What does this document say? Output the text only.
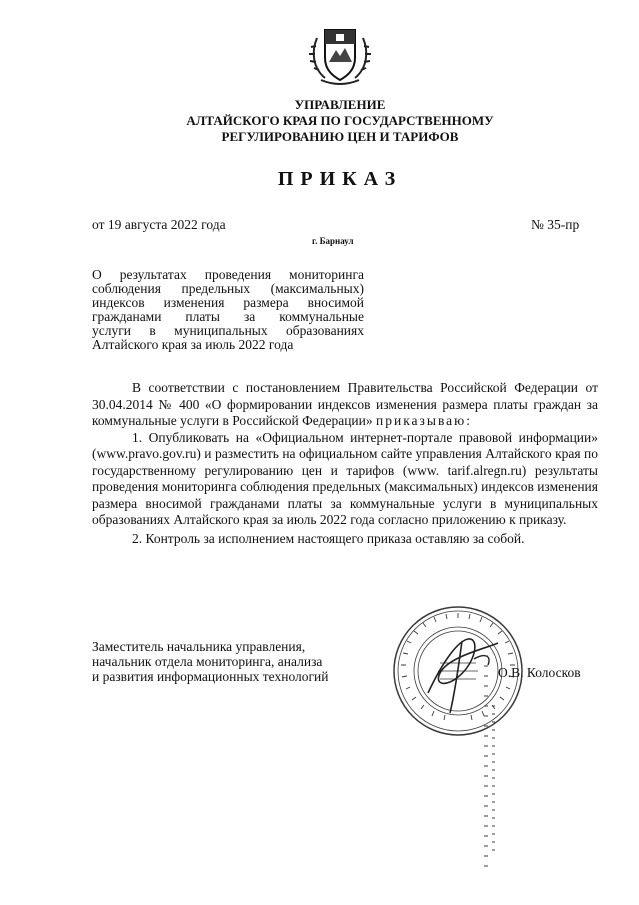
УПРАВЛЕНИЕ
АЛТАЙСКОГО КРАЯ ПО ГОСУДАРСТВЕННОМУ
РЕГУЛИРОВАНИЮ ЦЕН И ТАРИФОВ
ПРИКАЗ
от 19 августа 2022 года	№ 35-пр
г. Барнаул
О результатах проведения мониторинга
соблюдения предельных (максимальных)
индексов изменения размера вносимой
гражданами платы за коммунальные
услуги в муниципальных образованиях
Алтайского края за июль 2022 года

В соответствии с постановлением Правительства Российской Федерации от 30.04.2014 № 400 «О формировании индексов изменения размера платы граждан за коммунальные услуги в Российской Федерации» приказываю:

1. Опубликовать на «Официальном интернет-портале правовой информации» (www.pravo.gov.ru) и разместить на официальном сайте управления Алтайского края по государственному регулированию цен и тарифов (www. tarif.alregn.ru) результаты проведения мониторинга соблюдения предельных (максимальных) индексов изменения размера вносимой гражданами платы за коммунальные услуги в муниципальных образованиях Алтайского края за июль 2022 года согласно приложению к приказу.

2. Контроль за исполнением настоящего приказа оставляю за собой.

Заместитель начальника управления,
начальник отдела мониторинга, анализа
и развития информационных технологий	О.В. Колосков
